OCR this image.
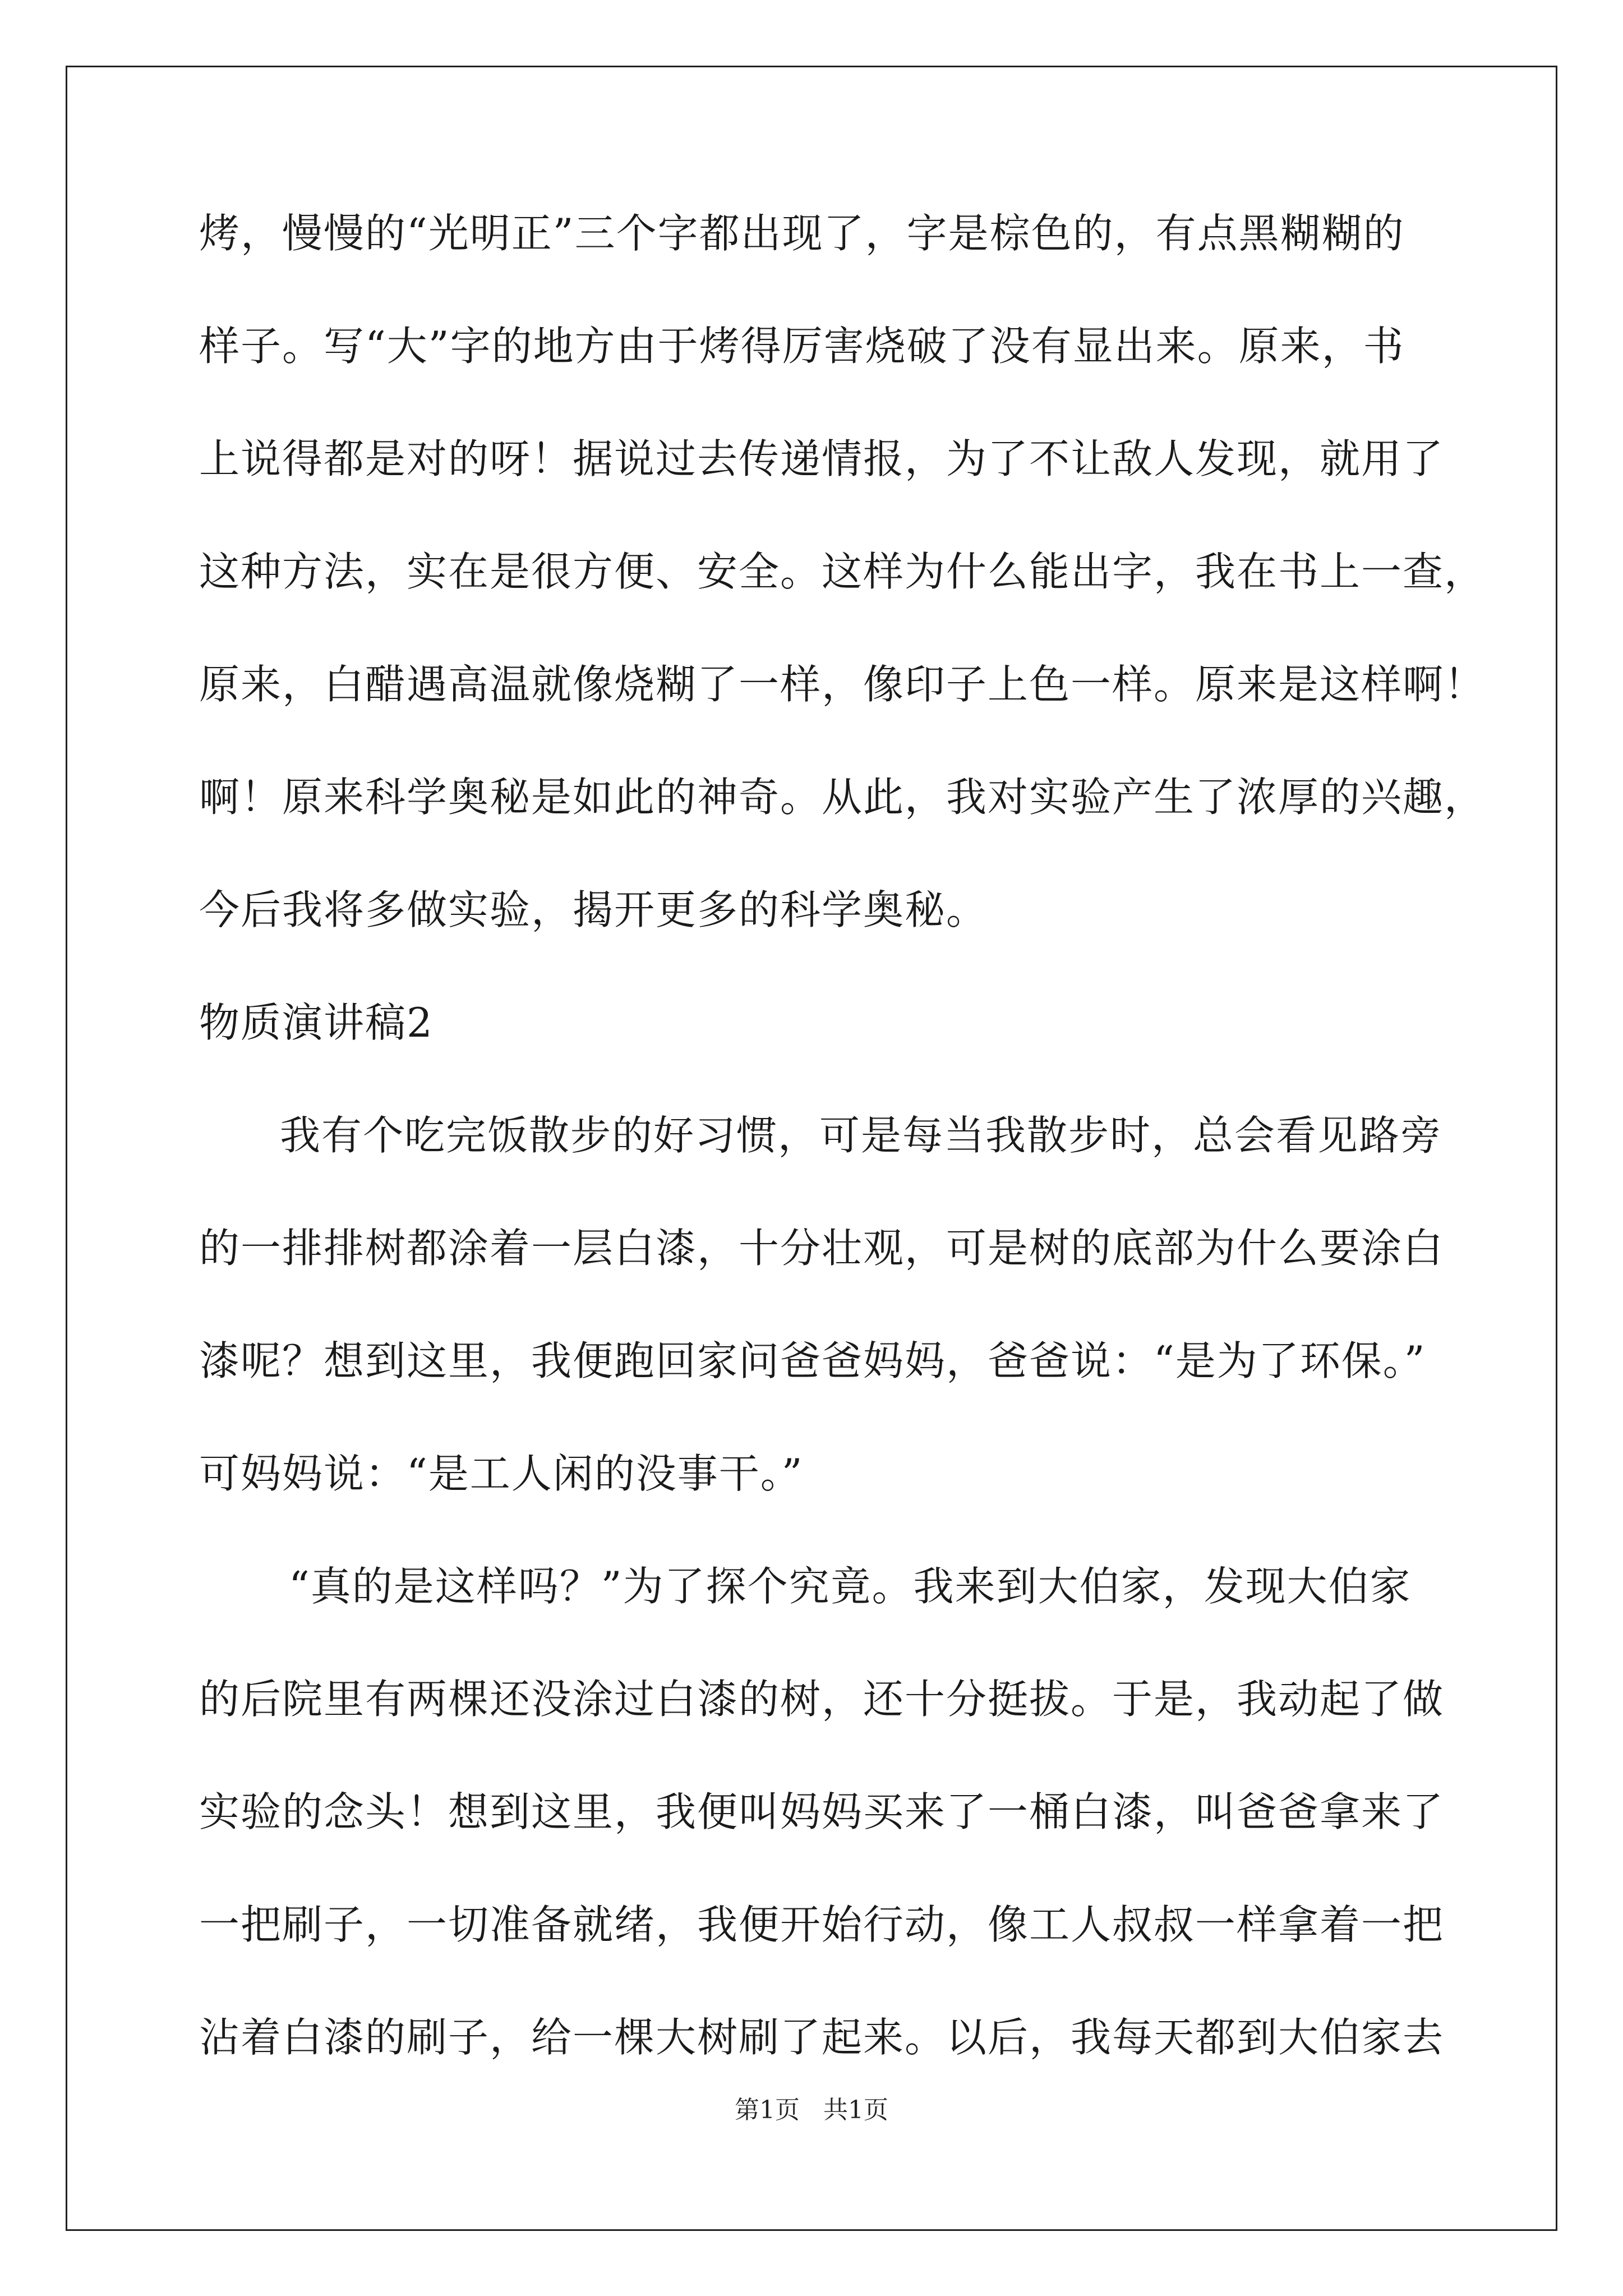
烤，慢慢的“光明正”三个字都出现了，字是棕色的，有点黑糊糊的

样子。写“大”字的地方由于烤得厉害烧破了没有显出来。原来，书

上说得都是对的呀！据说过去传递情报，为了不让敌人发现，就用了

这种方法，实在是很方便、安全。这样为什么能出字，我在书上一查，

原来，白醋遇高温就像烧糊了一样，像印子上色一样。原来是这样啊！

啊！原来科学奥秘是如此的神奇。从此，我对实验产生了浓厚的兴趣，

今后我将多做实验，揭开更多的科学奥秘。

物质演讲稿2

我有个吃完饭散步的好习惯，可是每当我散步时，总会看见路旁

的一排排树都涂着一层白漆，十分壮观，可是树的底部为什么要涂白

漆呢？想到这里，我便跑回家问爸爸妈妈，爸爸说：“是为了环保。”

可妈妈说：“是工人闲的没事干。”

“真的是这样吗？”为了探个究竟。我来到大伯家，发现大伯家

的后院里有两棵还没涂过白漆的树，还十分挺拔。于是，我动起了做

实验的念头！想到这里，我便叫妈妈买来了一桶白漆，叫爸爸拿来了

一把刷子，一切准备就绪，我便开始行动，像工人叔叔一样拿着一把

沾着白漆的刷子，给一棵大树刷了起来。以后，我每天都到大伯家去

第1页 共1页
